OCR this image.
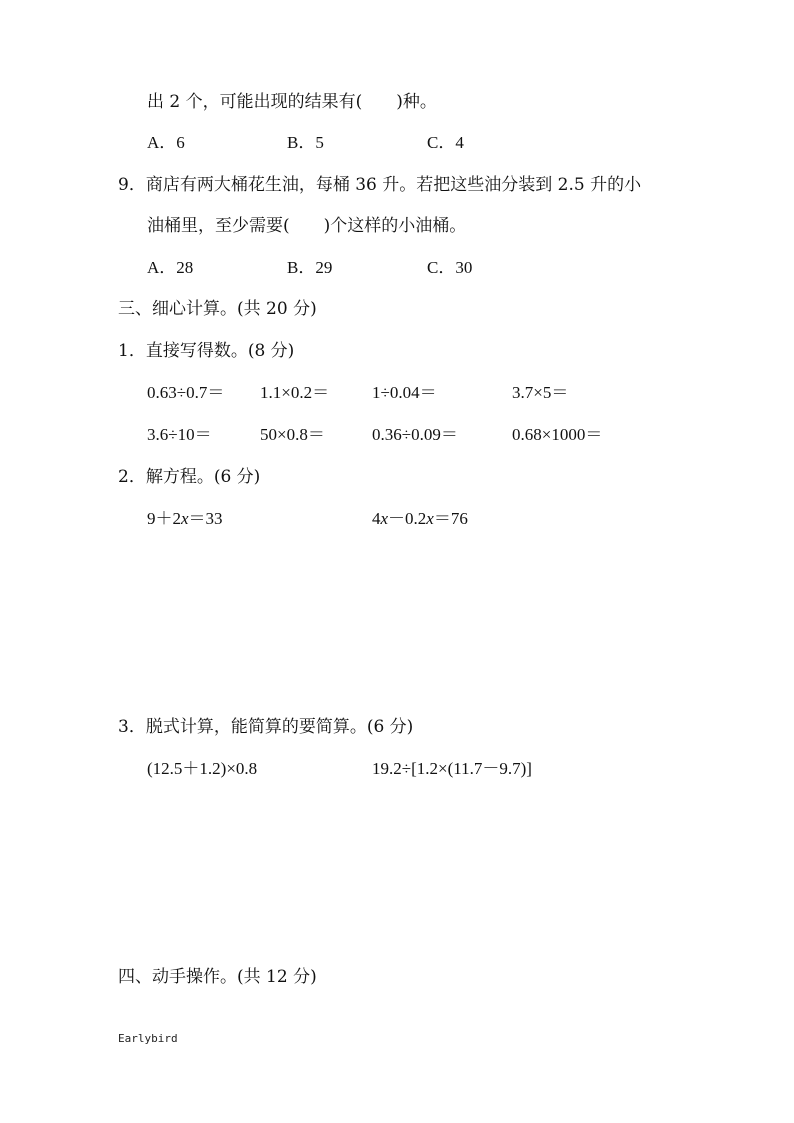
出 2 个，可能出现的结果有(　　)种。
A．6	B．5	C．4
9．商店有两大桶花生油，每桶 36 升。若把这些油分装到 2.5 升的小
油桶里，至少需要(　　)个这样的小油桶。
A．28	B．29	C．30
三、细心计算。(共 20 分)
1．直接写得数。(8 分)
0.63÷0.7＝ 1.1×0.2＝	1÷0.04＝	3.7×5＝
3.6÷10＝	50×0.8＝	0.36÷0.09＝	0.68×1000＝
2．解方程。(6 分)
9＋2x＝33	4x－0.2x＝76
3．脱式计算，能简算的要简算。(6 分)
(12.5＋1.2)×0.8	19.2÷[1.2×(11.7－9.7)]
四、动手操作。(共 12 分)
Earlybird
